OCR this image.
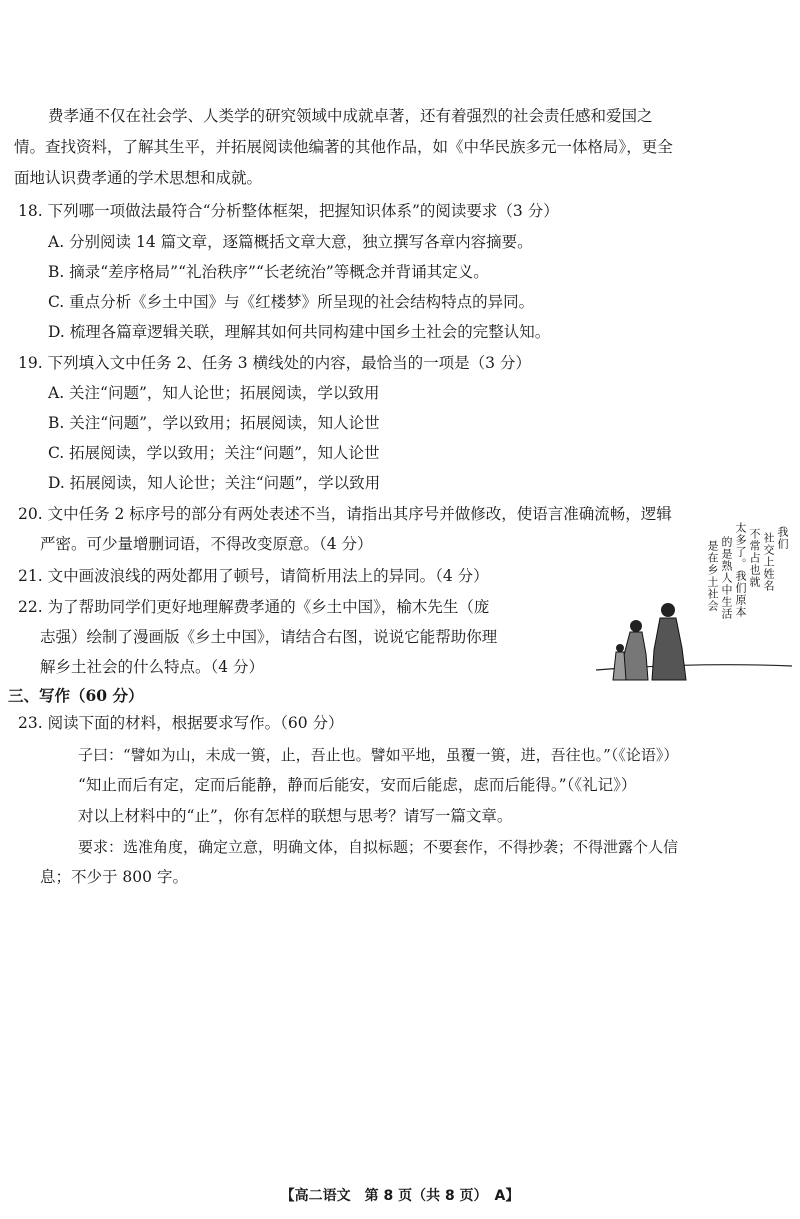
费孝通不仅在社会学、人类学的研究领域中成就卓著，还有着强烈的社会责任感和爱国之
情。查找资料，了解其生平，并拓展阅读他编著的其他作品，如《中华民族多元一体格局》，更全
面地认识费孝通的学术思想和成就。
18. 下列哪一项做法最符合“分析整体框架，把握知识体系”的阅读要求（3 分）
A. 分别阅读 14 篇文章，逐篇概括文章大意，独立撰写各章内容摘要。
B. 摘录“差序格局”“礼治秩序”“长老统治”等概念并背诵其定义。
C. 重点分析《乡土中国》与《红楼梦》所呈现的社会结构特点的异同。
D. 梳理各篇章逻辑关联，理解其如何共同构建中国乡土社会的完整认知。
19. 下列填入文中任务 2、任务 3 横线处的内容，最恰当的一项是（3 分）
A. 关注“问题”，知人论世；拓展阅读，学以致用
B. 关注“问题”，学以致用；拓展阅读，知人论世
C. 拓展阅读，学以致用；关注“问题”，知人论世
D. 拓展阅读，知人论世；关注“问题”，学以致用
20. 文中任务 2 标序号的部分有两处表述不当，请指出其序号并做修改，使语言准确流畅，逻辑
严密。可少量增删词语，不得改变原意。（4 分）
21. 文中画波浪线的两处都用了顿号，请简析用法上的异同。（4 分）
22. 为了帮助同学们更好地理解费孝通的《乡土中国》，榆木先生（庞
志强）绘制了漫画版《乡土中国》，请结合右图，说说它能帮助你理
解乡土社会的什么特点。（4 分）
我们
社交上姓名
不常占也就
太多了。我们原本
的是熟人中生活
是在乡土社会
三、写作（60 分）
23. 阅读下面的材料，根据要求写作。（60 分）
子曰：“譬如为山，未成一篑，止，吾止也。譬如平地，虽覆一篑，进，吾往也。”（《论语》）
“知止而后有定，定而后能静，静而后能安，安而后能虑，虑而后能得。”（《礼记》）
对以上材料中的“止”，你有怎样的联想与思考？请写一篇文章。
要求：选准角度，确定立意，明确文体，自拟标题；不要套作，不得抄袭；不得泄露个人信
息；不少于 800 字。
【高二语文　第 8 页（共 8 页）　A】
